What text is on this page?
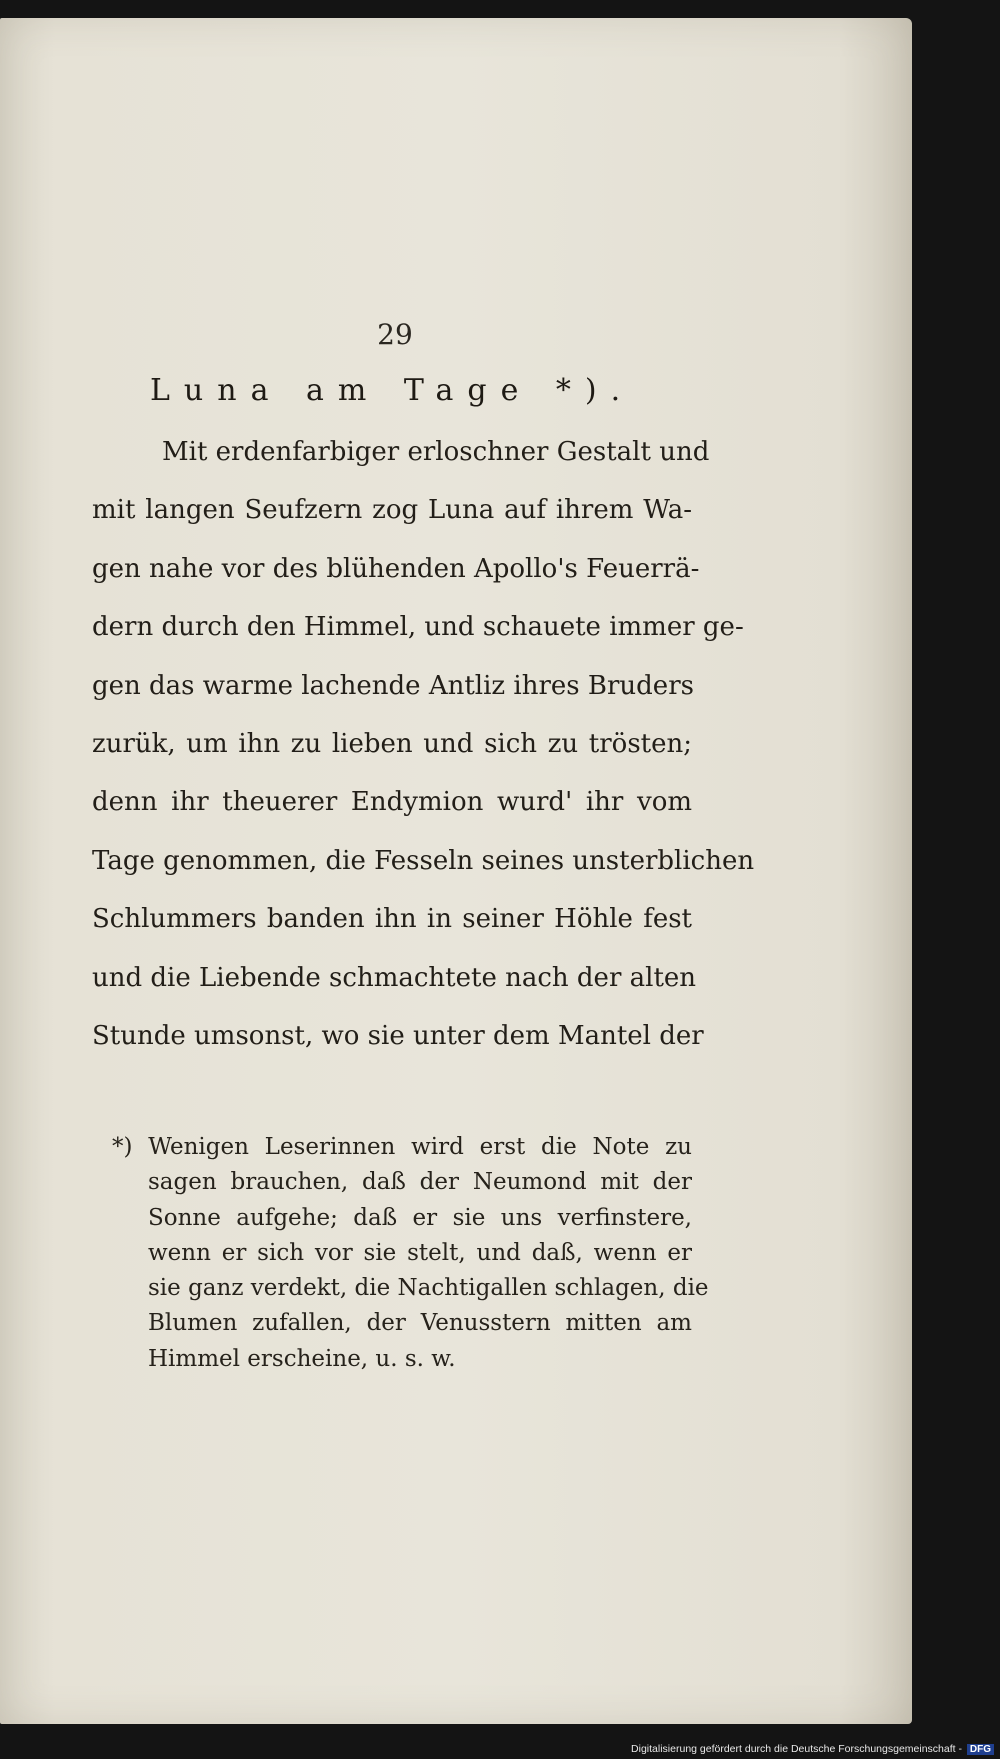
29
Luna am Tage *).
Mit erdenfarbiger erloschner Gestalt und
mit langen Seufzern zog Luna auf ihrem Wa-
gen nahe vor des blühenden Apollo's Feuerrä-
dern durch den Himmel, und schauete immer ge-
gen das warme lachende Antliz ihres Bruders
zurük, um ihn zu lieben und sich zu trösten;
denn ihr theuerer Endymion wurd' ihr vom
Tage genommen, die Fesseln seines unsterblichen
Schlummers banden ihn in seiner Höhle fest
und die Liebende schmachtete nach der alten
Stunde umsonst, wo sie unter dem Mantel der
*) Wenigen Leserinnen wird erst die Note zu
sagen brauchen, daß der Neumond mit der
Sonne aufgehe; daß er sie uns verfinstere,
wenn er sich vor sie stelt, und daß, wenn er
sie ganz verdekt, die Nachtigallen schlagen, die
Blumen zufallen, der Venusstern mitten am
Himmel erscheine, u. s. w.
Digitalisierung gefördert durch die Deutsche Forschungsgemeinschaft - DFG
